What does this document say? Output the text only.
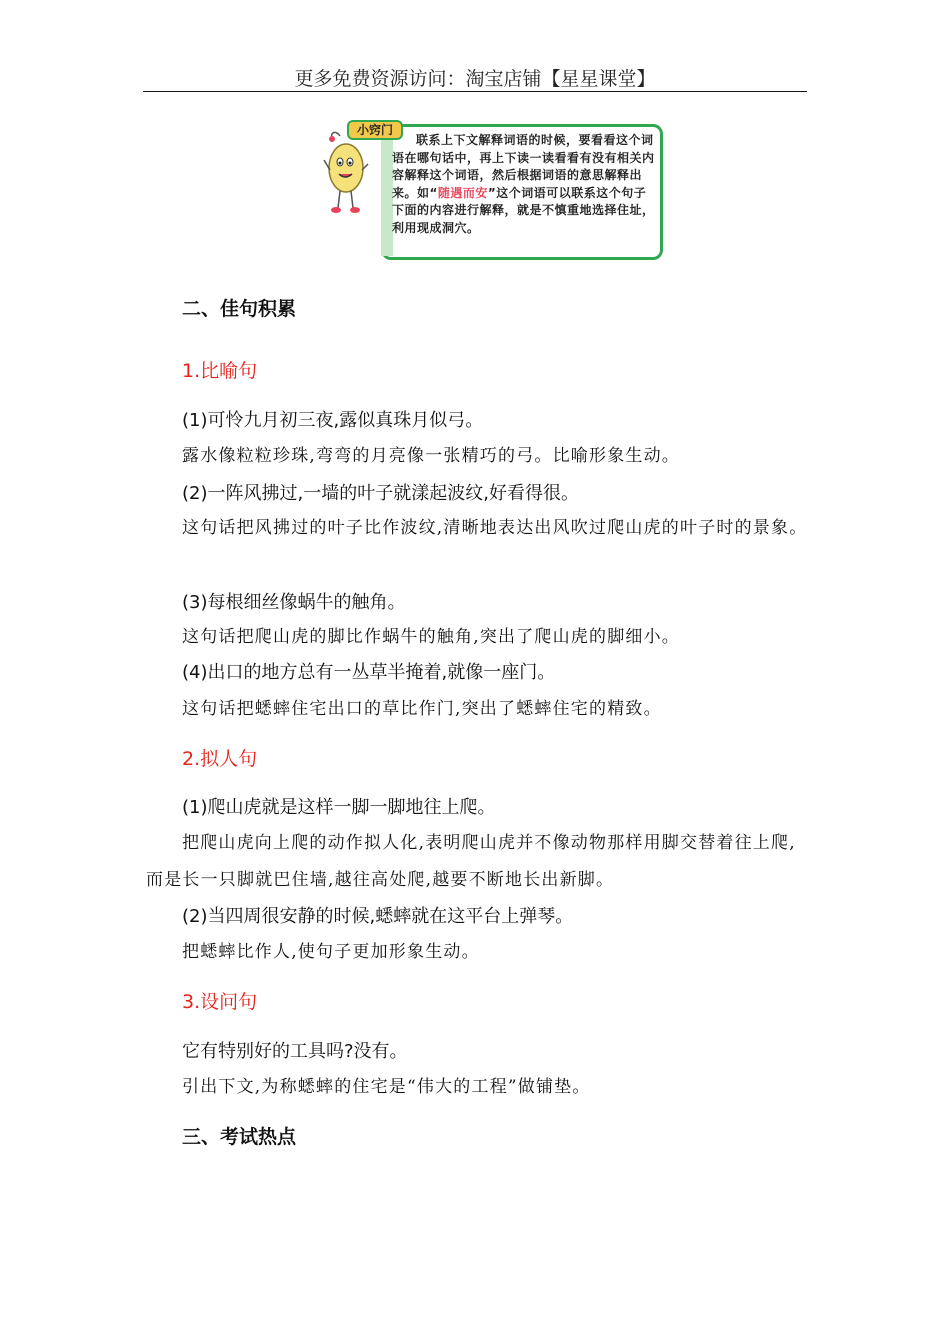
更多免费资源访问：淘宝店铺【星星课堂】
小窍门
联系上下文解释词语的时候，要看看这个词语在哪句话中，再上下读一读看看有没有相关内容解释这个词语，然后根据词语的意思解释出来。如“随遇而安”这个词语可以联系这个句子下面的内容进行解释，就是不慎重地选择住址，利用现成洞穴。
二、佳句积累
1.比喻句
(1)可怜九月初三夜,露似真珠月似弓。
露水像粒粒珍珠,弯弯的月亮像一张精巧的弓。比喻形象生动。
(2)一阵风拂过,一墙的叶子就漾起波纹,好看得很。
这句话把风拂过的叶子比作波纹,清晰地表达出风吹过爬山虎的叶子时的景象。
(3)每根细丝像蜗牛的触角。
这句话把爬山虎的脚比作蜗牛的触角,突出了爬山虎的脚细小。
(4)出口的地方总有一丛草半掩着,就像一座门。
这句话把蟋蟀住宅出口的草比作门,突出了蟋蟀住宅的精致。
2.拟人句
(1)爬山虎就是这样一脚一脚地往上爬。
把爬山虎向上爬的动作拟人化,表明爬山虎并不像动物那样用脚交替着往上爬,而是长一只脚就巴住墙,越往高处爬,越要不断地长出新脚。
(2)当四周很安静的时候,蟋蟀就在这平台上弹琴。
把蟋蟀比作人,使句子更加形象生动。
3.设问句
它有特别好的工具吗?没有。
引出下文,为称蟋蟀的住宅是“伟大的工程”做铺垫。
三、考试热点
